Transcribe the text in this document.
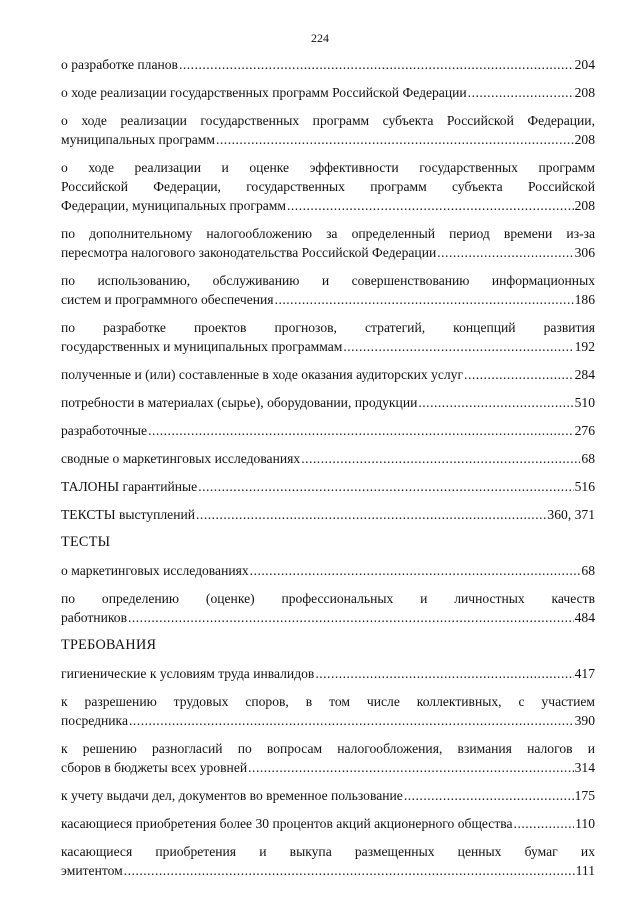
224
о разработке планов .....	204
о ходе реализации государственных программ Российской Федерации .....	208
о ходе реализации государственных программ субъекта Российской Федерации,
муниципальных программ .....	208
о ходе реализации и оценке эффективности государственных программ
Российской Федерации, государственных программ субъекта Российской
Федерации, муниципальных программ .....	208
по дополнительному налогообложению за определенный период времени из-за
пересмотра налогового законодательства Российской Федерации .....	306
по использованию, обслуживанию и совершенствованию информационных
систем и программного обеспечения .....	186
по разработке проектов прогнозов, стратегий, концепций развития
государственных и муниципальных программам .....	192
полученные и (или) составленные в ходе оказания аудиторских услуг .....	284
потребности в материалах (сырье), оборудовании, продукции .....	510
разработочные .....	276
сводные о маркетинговых исследованиях .....	68
ТАЛОНЫ гарантийные .....	516
ТЕКСТЫ выступлений .....	360, 371
ТЕСТЫ
о маркетинговых исследованиях .....	68
по определению (оценке) профессиональных и личностных качеств
работников .....	484
ТРЕБОВАНИЯ
гигиенические к условиям труда инвалидов .....	417
к разрешению трудовых споров, в том числе коллективных, с участием
посредника .....	390
к решению разногласий по вопросам налогообложения, взимания налогов и
сборов в бюджеты всех уровней .....	314
к учету выдачи дел, документов во временное пользование .....	175
касающиеся приобретения более 30 процентов акций акционерного общества .....	110
касающиеся приобретения и выкупа размещенных ценных бумаг их
эмитентом .....	111
